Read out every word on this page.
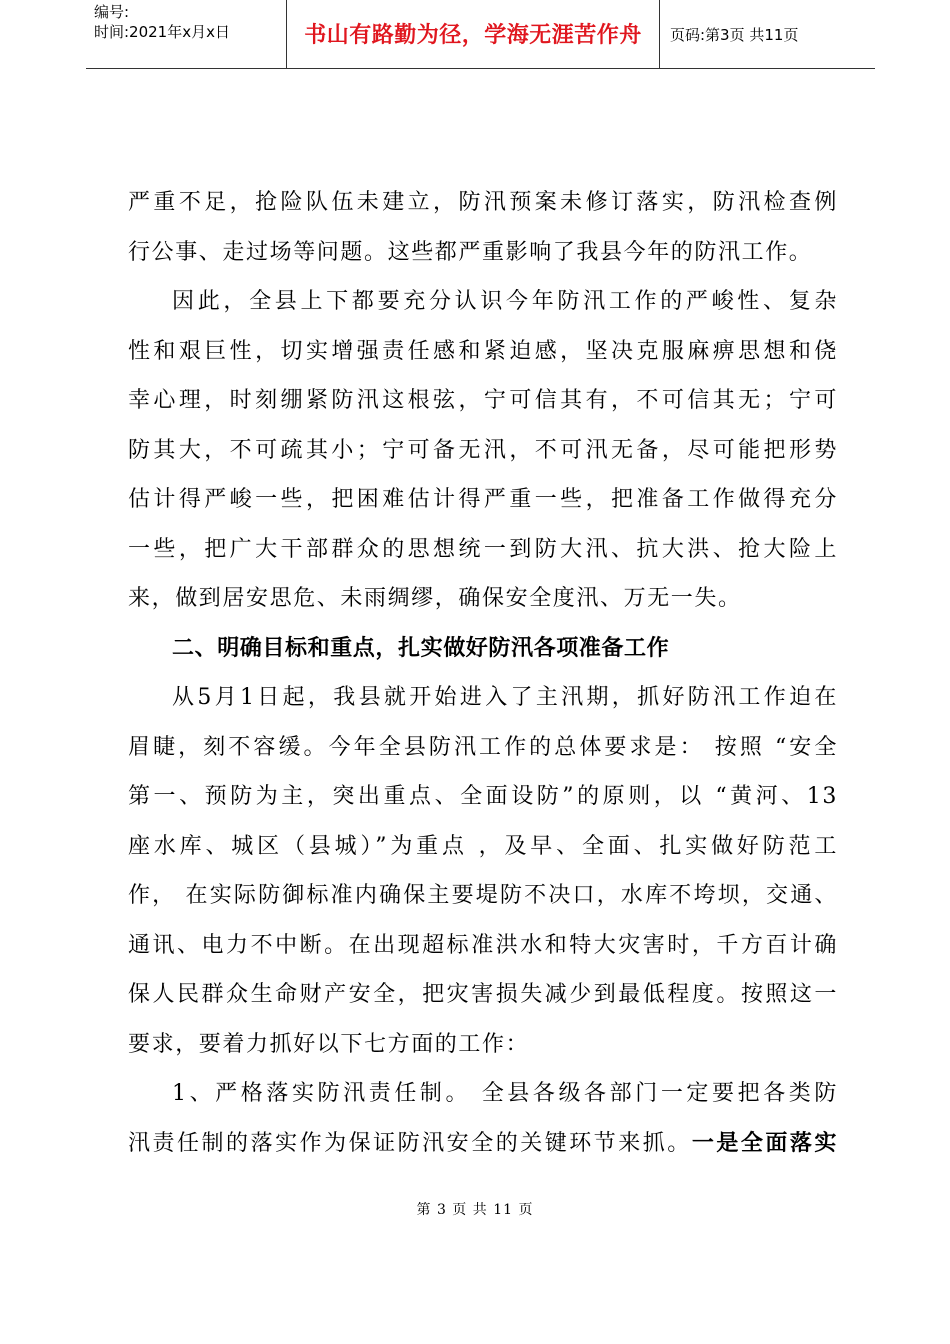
编号:
时间:2021年x月x日	书山有路勤为径，学海无涯苦作舟	页码:第3页 共11页
严重不足，抢险队伍未建立，防汛预案未修订落实，防汛检查例
行公事、走过场等问题。这些都严重影响了我县今年的防汛工作。
因此，全县上下都要充分认识今年防汛工作的严峻性、复杂
性和艰巨性，切实增强责任感和紧迫感，坚决克服麻痹思想和侥
幸心理，时刻绷紧防汛这根弦，宁可信其有，不可信其无；宁可
防其大，不可疏其小；宁可备无汛，不可汛无备，尽可能把形势
估计得严峻一些，把困难估计得严重一些，把准备工作做得充分
一些，把广大干部群众的思想统一到防大汛、抗大洪、抢大险上
来，做到居安思危、未雨绸缪，确保安全度汛、万无一失。
二、明确目标和重点，扎实做好防汛各项准备工作
从5月1日起，我县就开始进入了主汛期，抓好防汛工作迫在
眉睫，刻不容缓。今年全县防汛工作的总体要求是： 按照 “安全
第一、预防为主，突出重点、全面设防”的原则，以 “黄河、13
座水库、城区（县城）”为重点 ，及早、全面、扎实做好防范工
作， 在实际防御标准内确保主要堤防不决口，水库不垮坝，交通、
通讯、电力不中断。在出现超标准洪水和特大灾害时，千方百计确
保人民群众生命财产安全，把灾害损失减少到最低程度。按照这一
要求，要着力抓好以下七方面的工作：
1、严格落实防汛责任制。 全县各级各部门一定要把各类防
汛责任制的落实作为保证防汛安全的关键环节来抓。一是全面落实
第 3 页 共 11 页
